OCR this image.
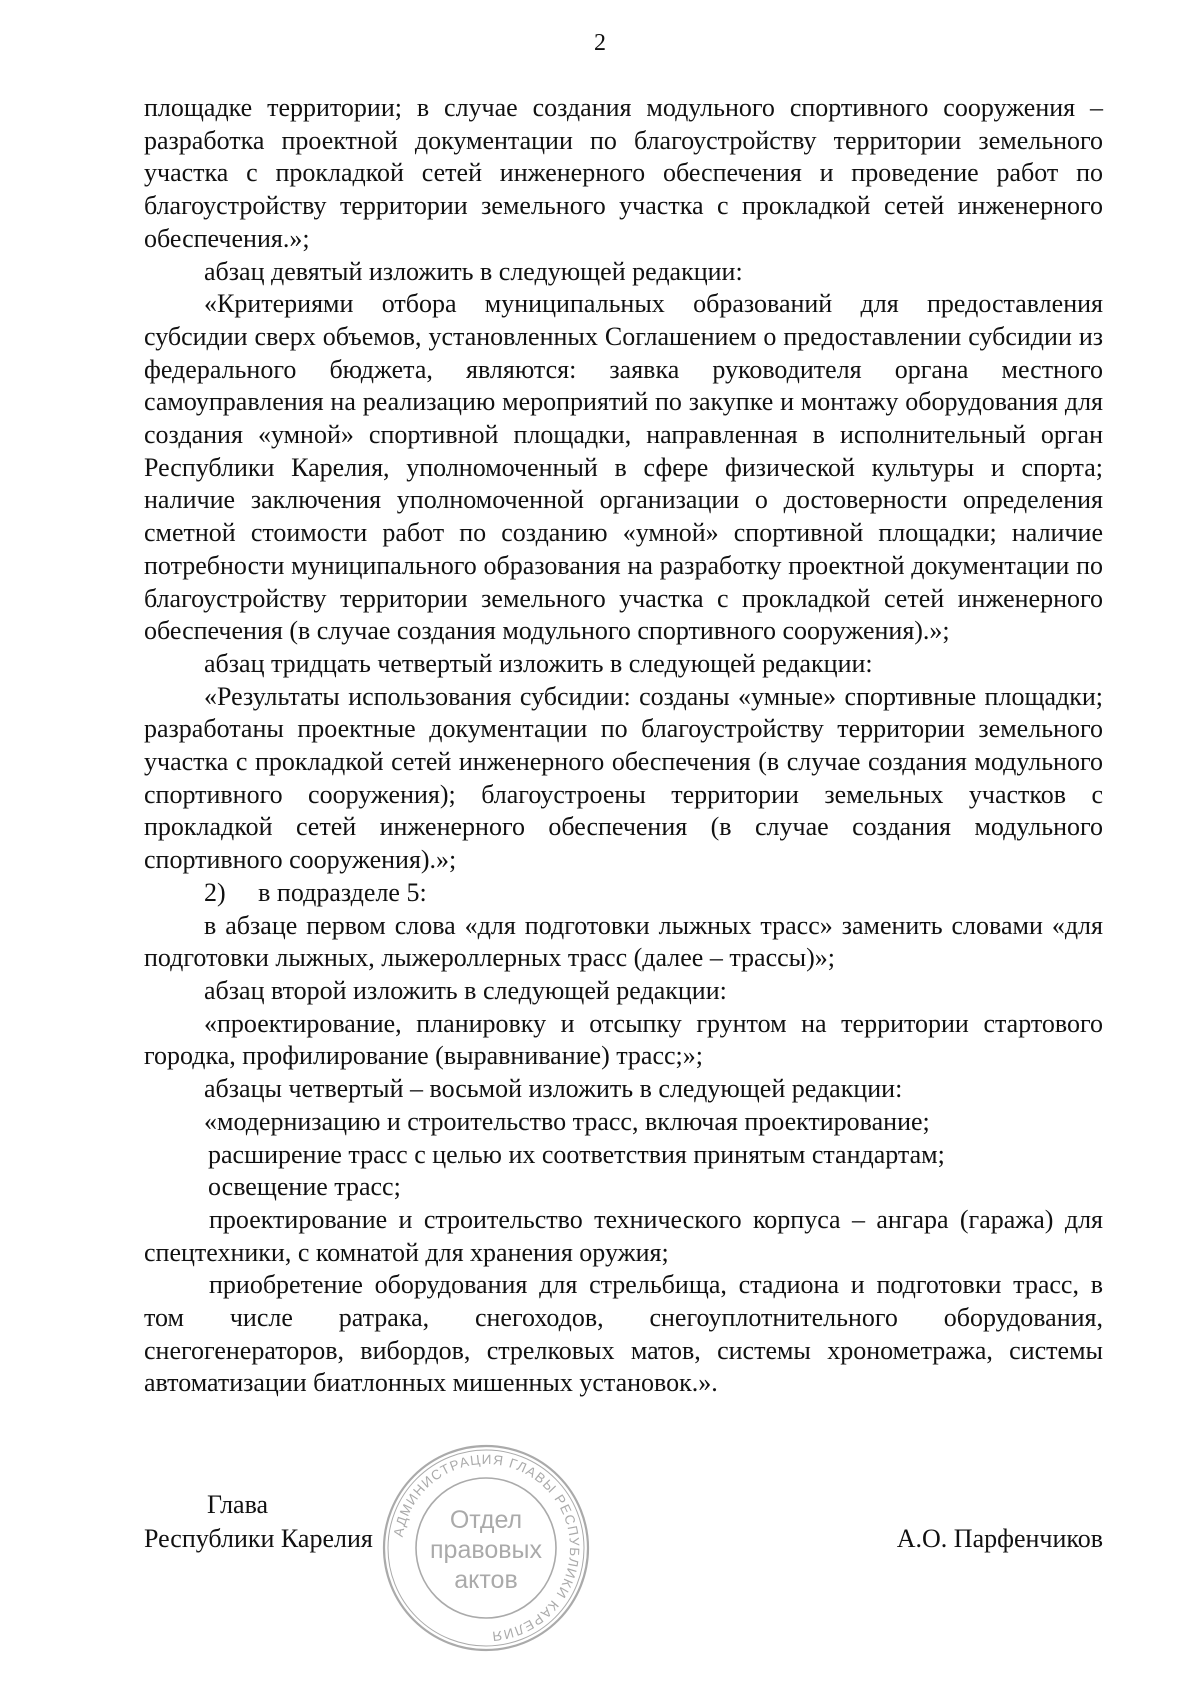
2

площадке территории; в случае создания модульного спортивного сооружения – разработка проектной документации по благоустройству территории земельного участка с прокладкой сетей инженерного обеспечения и проведение работ по благоустройству территории земельного участка с прокладкой сетей инженерного обеспечения.»;

абзац девятый изложить в следующей редакции:

«Критериями отбора муниципальных образований для предоставления субсидии сверх объемов, установленных Соглашением о предоставлении субсидии из федерального бюджета, являются: заявка руководителя органа местного самоуправления на реализацию мероприятий по закупке и монтажу оборудования для создания «умной» спортивной площадки, направленная в исполнительный орган Республики Карелия, уполномоченный в сфере физической культуры и спорта; наличие заключения уполномоченной организации о достоверности определения сметной стоимости работ по созданию «умной» спортивной площадки; наличие потребности муниципального образования на разработку проектной документации по благоустройству территории земельного участка с прокладкой сетей инженерного обеспечения (в случае создания модульного спортивного сооружения).»;

абзац тридцать четвертый изложить в следующей редакции:

«Результаты использования субсидии: созданы «умные» спортивные площадки; разработаны проектные документации по благоустройству территории земельного участка с прокладкой сетей инженерного обеспечения (в случае создания модульного спортивного сооружения); благоустроены территории земельных участков с прокладкой сетей инженерного обеспечения (в случае создания модульного спортивного сооружения).»;

2)     в подразделе 5:

в абзаце первом слова «для подготовки лыжных трасс» заменить словами «для подготовки лыжных, лыжероллерных трасс (далее – трассы)»;

абзац второй изложить в следующей редакции:

«проектирование, планировку и отсыпку грунтом на территории стартового городка, профилирование (выравнивание) трасс;»;

абзацы четвертый – восьмой изложить в следующей редакции:

«модернизацию и строительство трасс, включая проектирование;

расширение трасс с целью их соответствия принятым стандартам;

освещение трасс;

проектирование и строительство технического корпуса – ангара (гаража) для спецтехники, с комнатой для хранения оружия;

приобретение оборудования для стрельбища, стадиона и подготовки трасс, в том числе ратрака, снегоходов, снегоуплотнительного оборудования, снегогенераторов, вибордов, стрелковых матов, системы хронометража, системы автоматизации биатлонных мишенных установок.».

Глава
Республики Карелия	А.О. Парфенчиков
АДМИНИСТРАЦИЯ ГЛАВЫ РЕСПУБЛИКИ КАРЕЛИЯ
Отдел
правовых
актов
